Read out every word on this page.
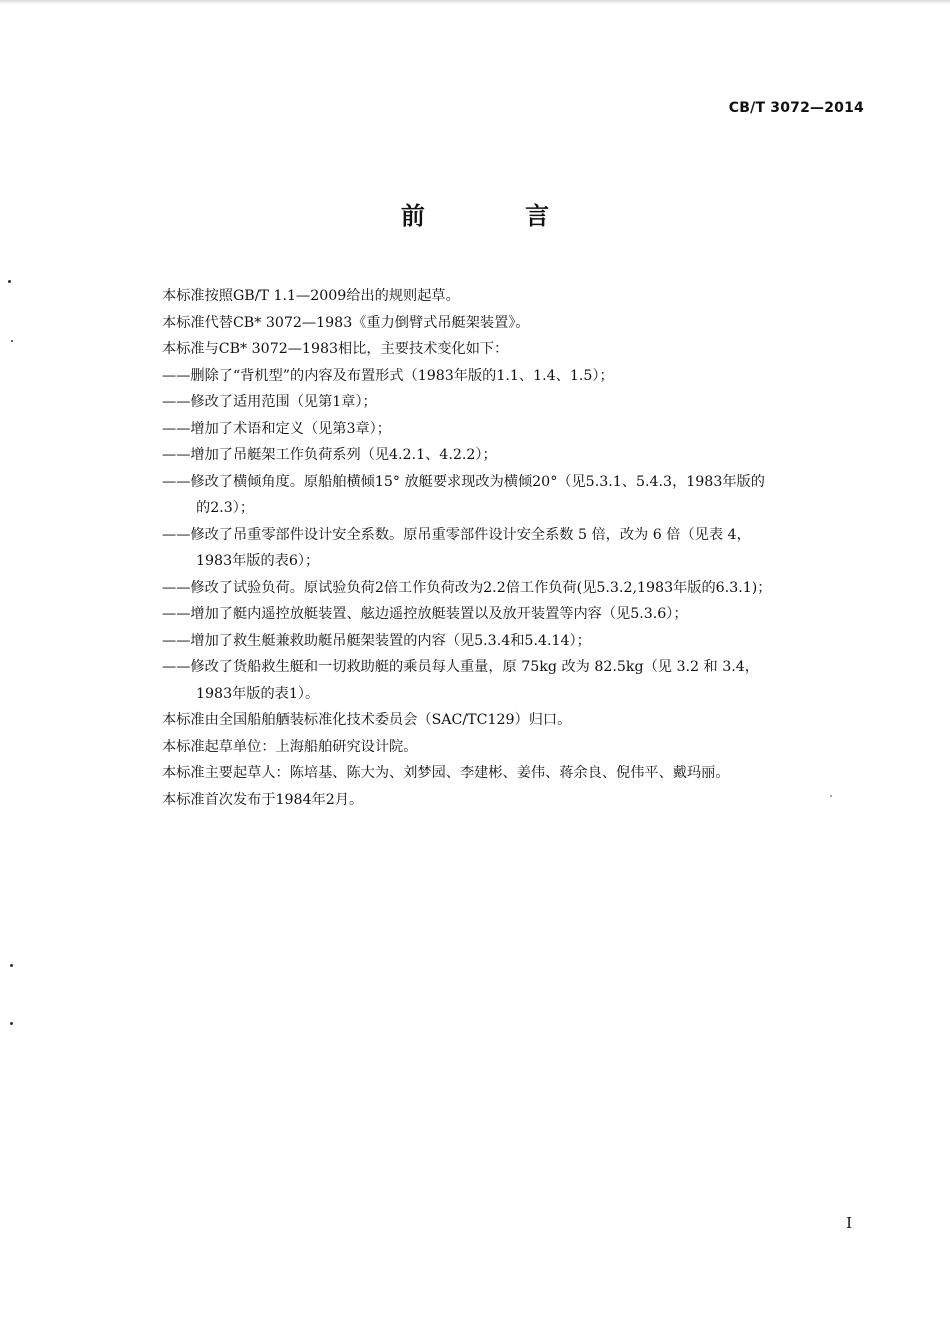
CB/T 3072—2014
前 言

本标准按照GB/T 1.1—2009给出的规则起草。

本标准代替CB* 3072—1983《重力倒臂式吊艇架装置》。

本标准与CB* 3072—1983相比，主要技术变化如下：

——删除了“背机型”的内容及布置形式（1983年版的1.1、1.4、1.5）；
——修改了适用范围（见第1章）；
——增加了术语和定义（见第3章）；
——增加了吊艇架工作负荷系列（见4.2.1、4.2.2）；
——修改了横倾角度。原船舶横倾15° 放艇要求现改为横倾20°（见5.3.1、5.4.3，1983年版的
的2.3）；
——修改了吊重零部件设计安全系数。原吊重零部件设计安全系数 5 倍，改为 6 倍（见表 4，
1983年版的表6）；
——修改了试验负荷。原试验负荷2倍工作负荷改为2.2倍工作负荷(见5.3.2,1983年版的6.3.1)；
——增加了艇内遥控放艇装置、舷边遥控放艇装置以及放开装置等内容（见5.3.6）；
——增加了救生艇兼救助艇吊艇架装置的内容（见5.3.4和5.4.14）；
——修改了货船救生艇和一切救助艇的乘员每人重量，原 75kg 改为 82.5kg（见 3.2 和 3.4，
1983年版的表1）。

本标准由全国船舶舾装标准化技术委员会（SAC/TC129）归口。

本标准起草单位：上海船舶研究设计院。

本标准主要起草人：陈培基、陈大为、刘梦园、李建彬、姜伟、蒋余良、倪伟平、戴玛丽。

本标准首次发布于1984年2月。

I
